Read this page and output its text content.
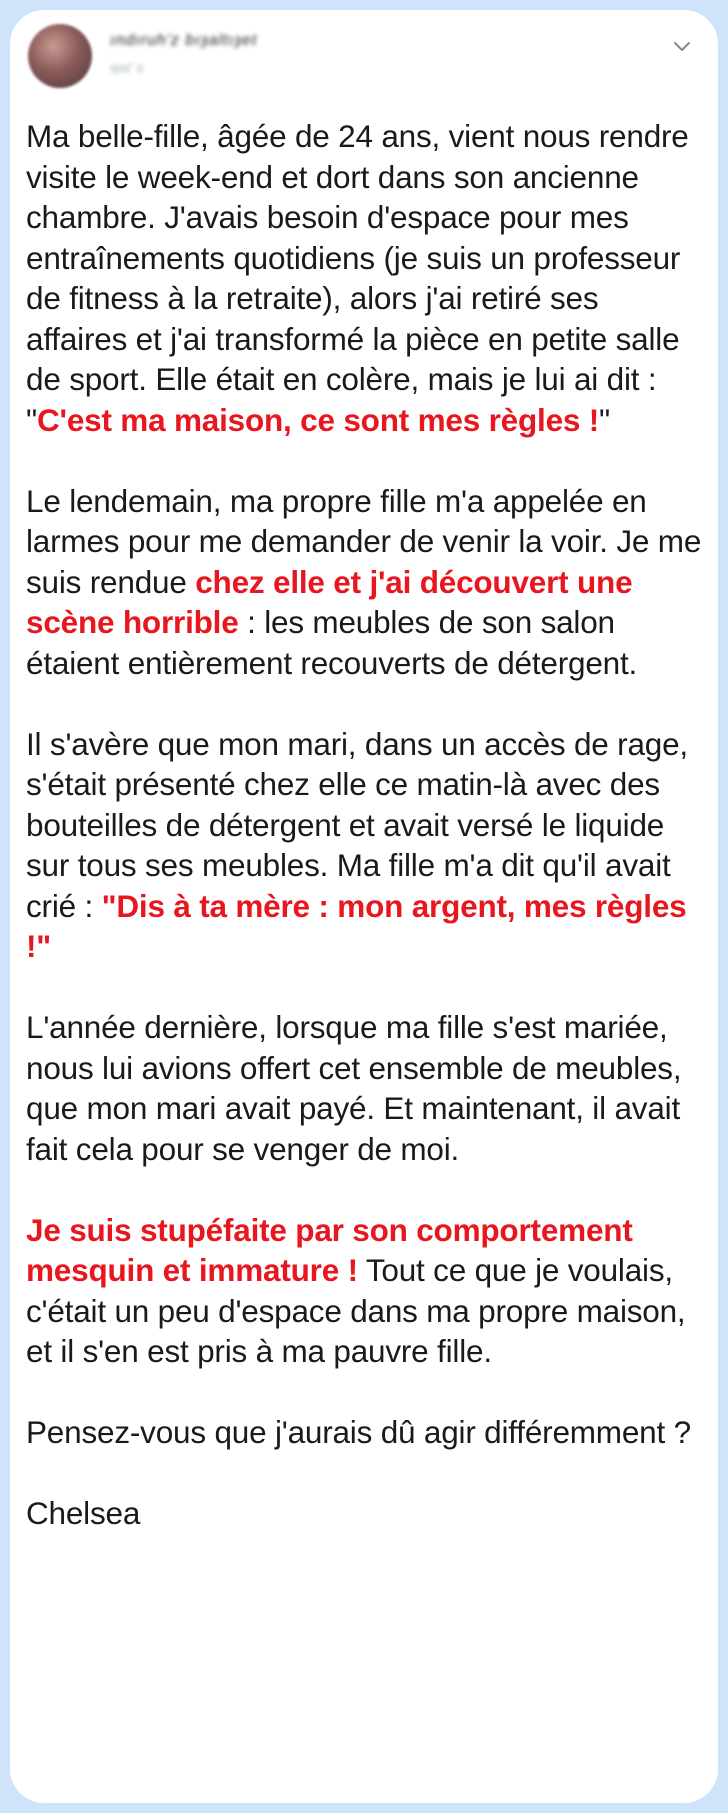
ındıruh'z bıȝaltıȝet
ıpıɛ' ɜ

Ma belle-fille, âgée de 24 ans, vient nous rendre visite le week-end et dort dans son ancienne chambre. J'avais besoin d'espace pour mes entraînements quotidiens (je suis un professeur de fitness à la retraite), alors j'ai retiré ses affaires et j'ai transformé la pièce en petite salle de sport. Elle était en colère, mais je lui ai dit : "C'est ma maison, ce sont mes règles !"

Le lendemain, ma propre fille m'a appelée en larmes pour me demander de venir la voir. Je me suis rendue chez elle et j'ai découvert une scène horrible : les meubles de son salon étaient entièrement recouverts de détergent.

Il s'avère que mon mari, dans un accès de rage, s'était présenté chez elle ce matin-là avec des bouteilles de détergent et avait versé le liquide sur tous ses meubles. Ma fille m'a dit qu'il avait crié : "Dis à ta mère : mon argent, mes règles !"

L'année dernière, lorsque ma fille s'est mariée, nous lui avions offert cet ensemble de meubles, que mon mari avait payé. Et maintenant, il avait fait cela pour se venger de moi.

Je suis stupéfaite par son comportement mesquin et immature ! Tout ce que je voulais, c'était un peu d'espace dans ma propre maison, et il s'en est pris à ma pauvre fille.

Pensez-vous que j'aurais dû agir différemment ?

Chelsea
